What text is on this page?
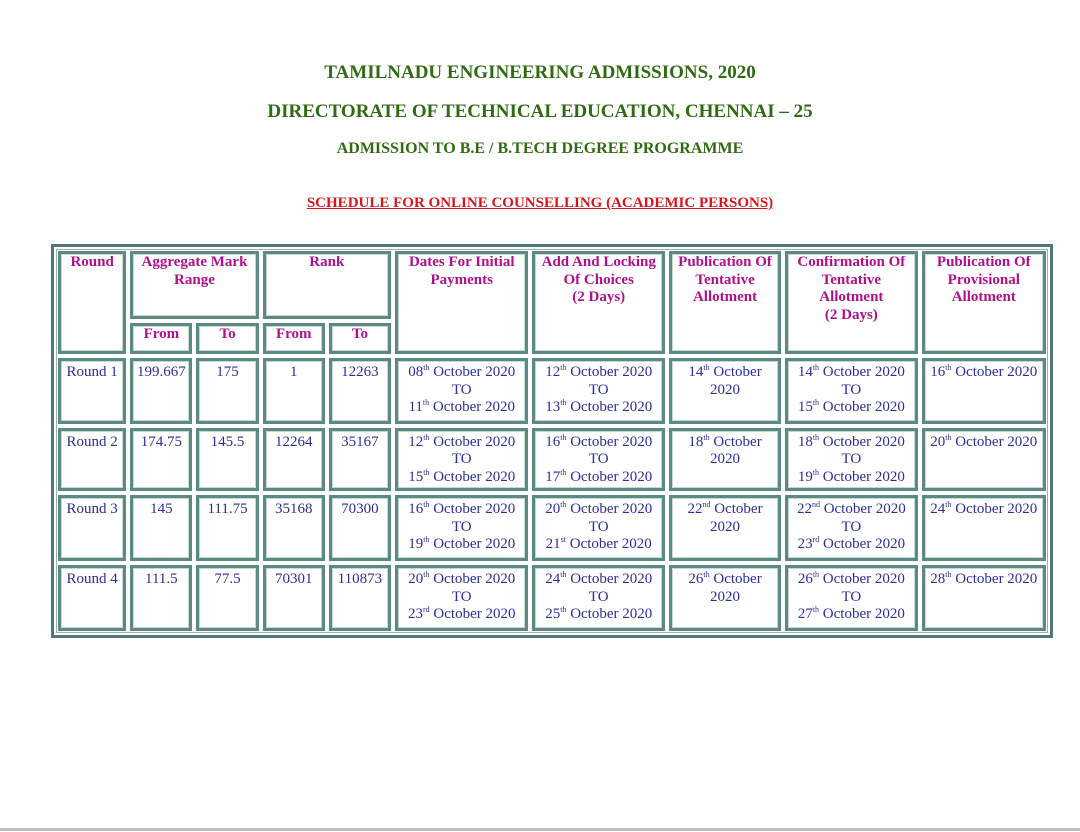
TAMILNADU ENGINEERING ADMISSIONS, 2020
DIRECTORATE OF TECHNICAL EDUCATION, CHENNAI – 25
ADMISSION TO B.E / B.TECH DEGREE PROGRAMME
SCHEDULE FOR ONLINE COUNSELLING (ACADEMIC PERSONS)
Round	Aggregate Mark Range		Rank		Dates For Initial Payments	Add And Locking Of Choices
(2 Days)	Publication Of Tentative Allotment	Confirmation Of Tentative Allotment
(2 Days)	Publication Of Provisional Allotment
	From	To	From	To					
Round 1	199.667	175	1	12263	08th October 2020
TO
11th October 2020	12th October 2020
TO
13th October 2020	14th October 2020	14th October 2020
TO
15th October 2020	16th October 2020
Round 2	174.75	145.5	12264	35167	12th October 2020
TO
15th October 2020	16th October 2020
TO
17th October 2020	18th October 2020	18th October 2020
TO
19th October 2020	20th October 2020
Round 3	145	111.75	35168	70300	16th October 2020
TO
19th October 2020	20th October 2020
TO
21st October 2020	22nd October 2020	22nd October 2020
TO
23rd October 2020	24th October 2020
Round 4	111.5	77.5	70301	110873	20th October 2020
TO
23rd October 2020	24th October 2020
TO
25th October 2020	26th October 2020	26th October 2020
TO
27th October 2020	28th October 2020
